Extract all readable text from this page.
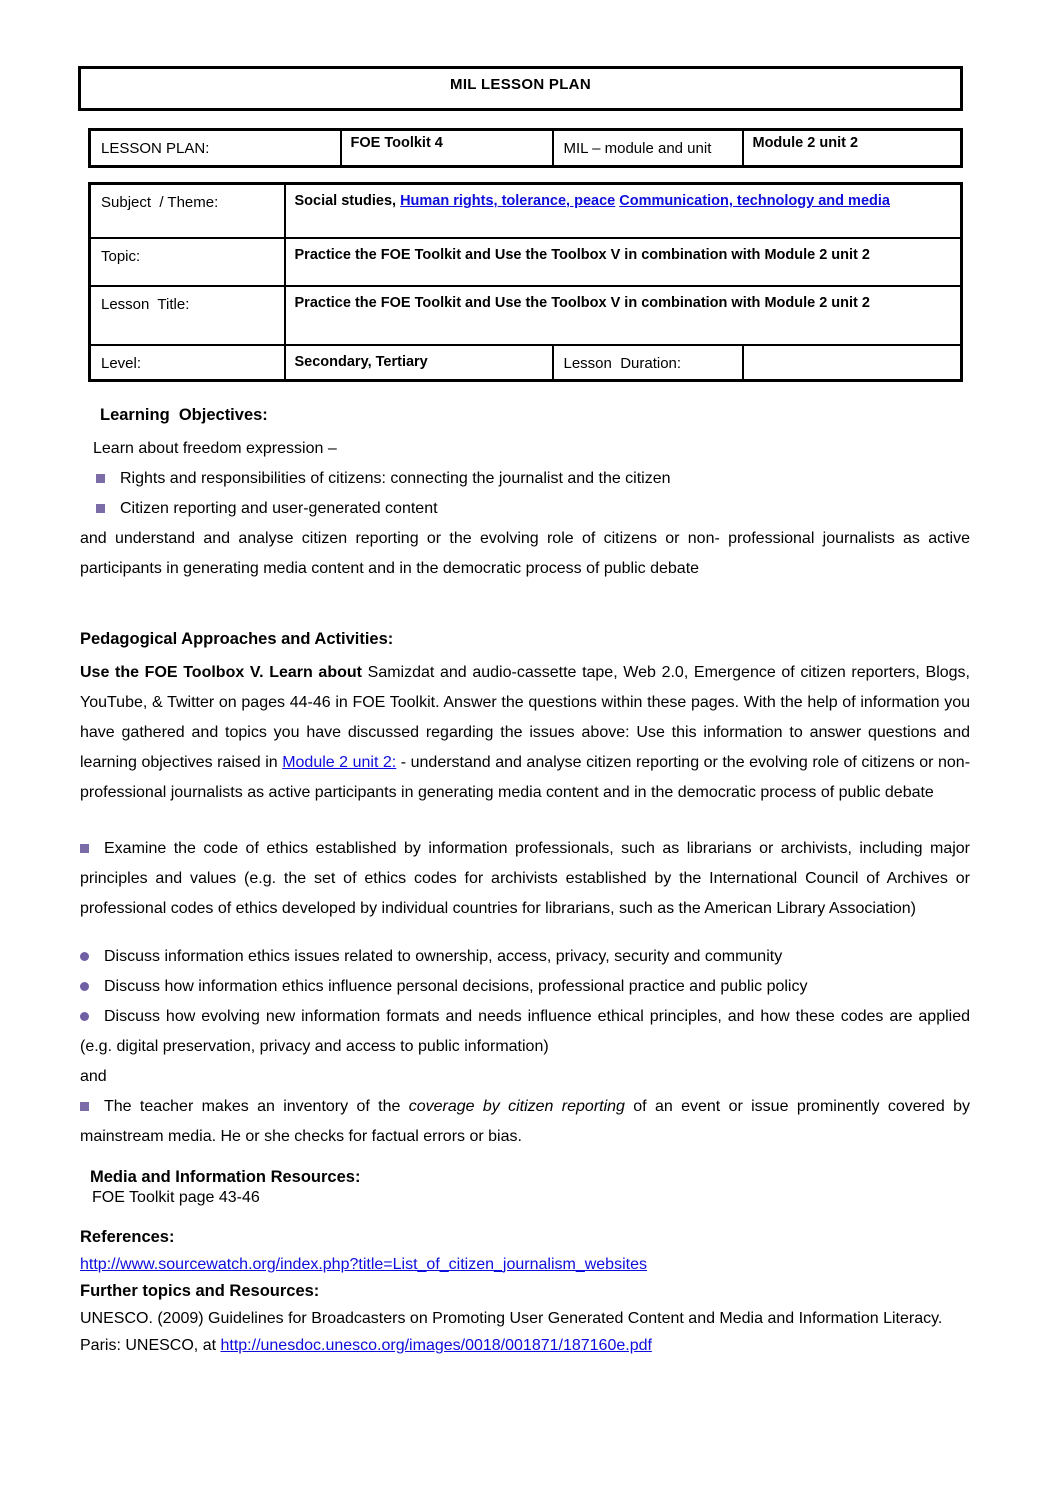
MIL LESSON PLAN
LESSON PLAN:	FOE Toolkit 4	MIL – module and unit	Module 2 unit 2
Subject  / Theme:	Social studies, Human rights, tolerance, peace Communication, technology and media		
Topic:	Practice the FOE Toolkit and Use the Toolbox V in combination with Module 2 unit 2		
Lesson  Title:	Practice the FOE Toolkit and Use the Toolbox V in combination with Module 2 unit 2		
Level:	Secondary, Tertiary	Lesson  Duration:	
Learning  Objectives:
Learn about freedom expression –
Rights and responsibilities of citizens: connecting the journalist and the citizen
Citizen reporting and user-generated content

and understand and analyse citizen reporting or the evolving role of citizens or non- professional journalists as active participants in generating media content and in the democratic process of public debate

Pedagogical Approaches and Activities:

Use the FOE Toolbox V. Learn about Samizdat and audio-cassette tape, Web 2.0, Emergence of citizen reporters, Blogs, YouTube, & Twitter on pages 44-46 in FOE Toolkit. Answer the questions within these pages. With the help of information you have gathered and topics you have discussed regarding the issues above: Use this information to answer questions and learning objectives raised in Module 2 unit 2: - understand and analyse citizen reporting or the evolving role of citizens or non- professional journalists as active participants in generating media content and in the democratic process of public debate

Examine the code of ethics established by information professionals, such as librarians or archivists, including major principles and values (e.g. the set of ethics codes for archivists established by the International Council of Archives or professional codes of ethics developed by individual countries for librarians, such as the American Library Association)

Discuss information ethics issues related to ownership, access, privacy, security and community

Discuss how information ethics influence personal decisions, professional practice and public policy

Discuss how evolving new information formats and needs influence ethical principles, and how these codes are applied (e.g. digital preservation, privacy and access to public information)

and

The teacher makes an inventory of the coverage by citizen reporting of an event or issue prominently covered by mainstream media. He or she checks for factual errors or bias.

Media and Information Resources:
FOE Toolkit page 43-46
References:
http://www.sourcewatch.org/index.php?title=List_of_citizen_journalism_websites
Further topics and Resources:

UNESCO. (2009) Guidelines for Broadcasters on Promoting User Generated Content and Media and Information Literacy. Paris: UNESCO, at http://unesdoc.unesco.org/images/0018/001871/187160e.pdf
